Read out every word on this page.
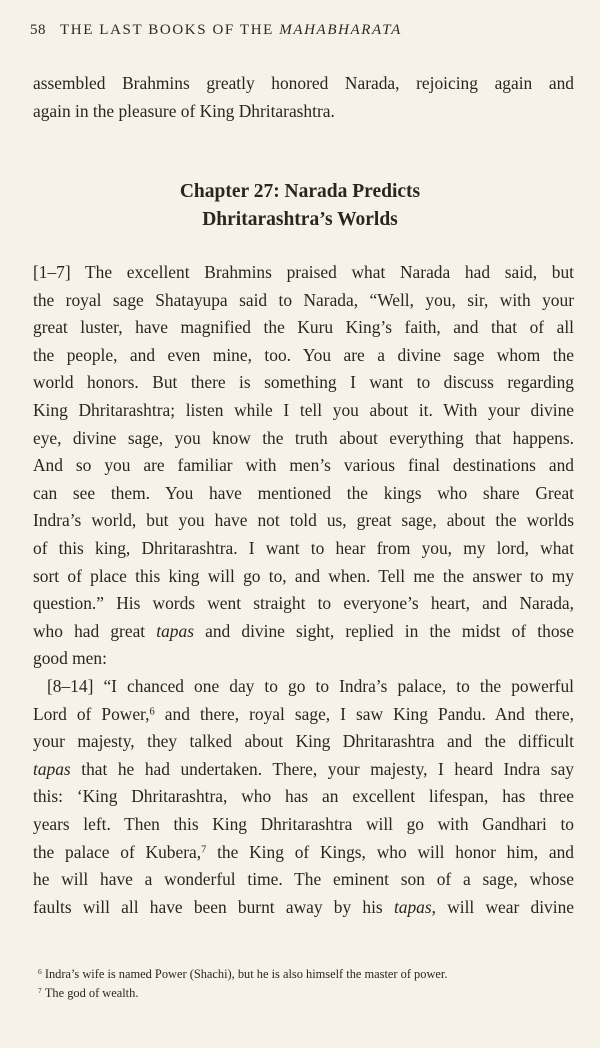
58 THE LAST BOOKS OF THE MAHABHARATA
assembled Brahmins greatly honored Narada, rejoicing again and
again in the pleasure of King Dhritarashtra.
Chapter 27: Narada Predicts
Dhritarashtra’s Worlds
[1–7] The excellent Brahmins praised what Narada had said, but
the royal sage Shatayupa said to Narada, “Well, you, sir, with your
great luster, have magnified the Kuru King’s faith, and that of all
the people, and even mine, too. You are a divine sage whom the
world honors. But there is something I want to discuss regarding
King Dhritarashtra; listen while I tell you about it. With your divine
eye, divine sage, you know the truth about everything that happens.
And so you are familiar with men’s various final destinations and
can see them. You have mentioned the kings who share Great
Indra’s world, but you have not told us, great sage, about the worlds
of this king, Dhritarashtra. I want to hear from you, my lord, what
sort of place this king will go to, and when. Tell me the answer to my
question.” His words went straight to everyone’s heart, and Narada,
who had great tapas and divine sight, replied in the midst of those
good men:
[8–14] “I chanced one day to go to Indra’s palace, to the powerful
Lord of Power,$^6$ and there, royal sage, I saw King Pandu. And there,
your majesty, they talked about King Dhritarashtra and the difficult
tapas that he had undertaken. There, your majesty, I heard Indra say
this: ‘King Dhritarashtra, who has an excellent lifespan, has three
years left. Then this King Dhritarashtra will go with Gandhari to
the palace of Kubera,$^7$ the King of Kings, who will honor him, and
he will have a wonderful time. The eminent son of a sage, whose
faults will all have been burnt away by his tapas, will wear divine
$^6$ Indra’s wife is named Power (Shachi), but he is also himself the master of power.
$^7$ The god of wealth.
